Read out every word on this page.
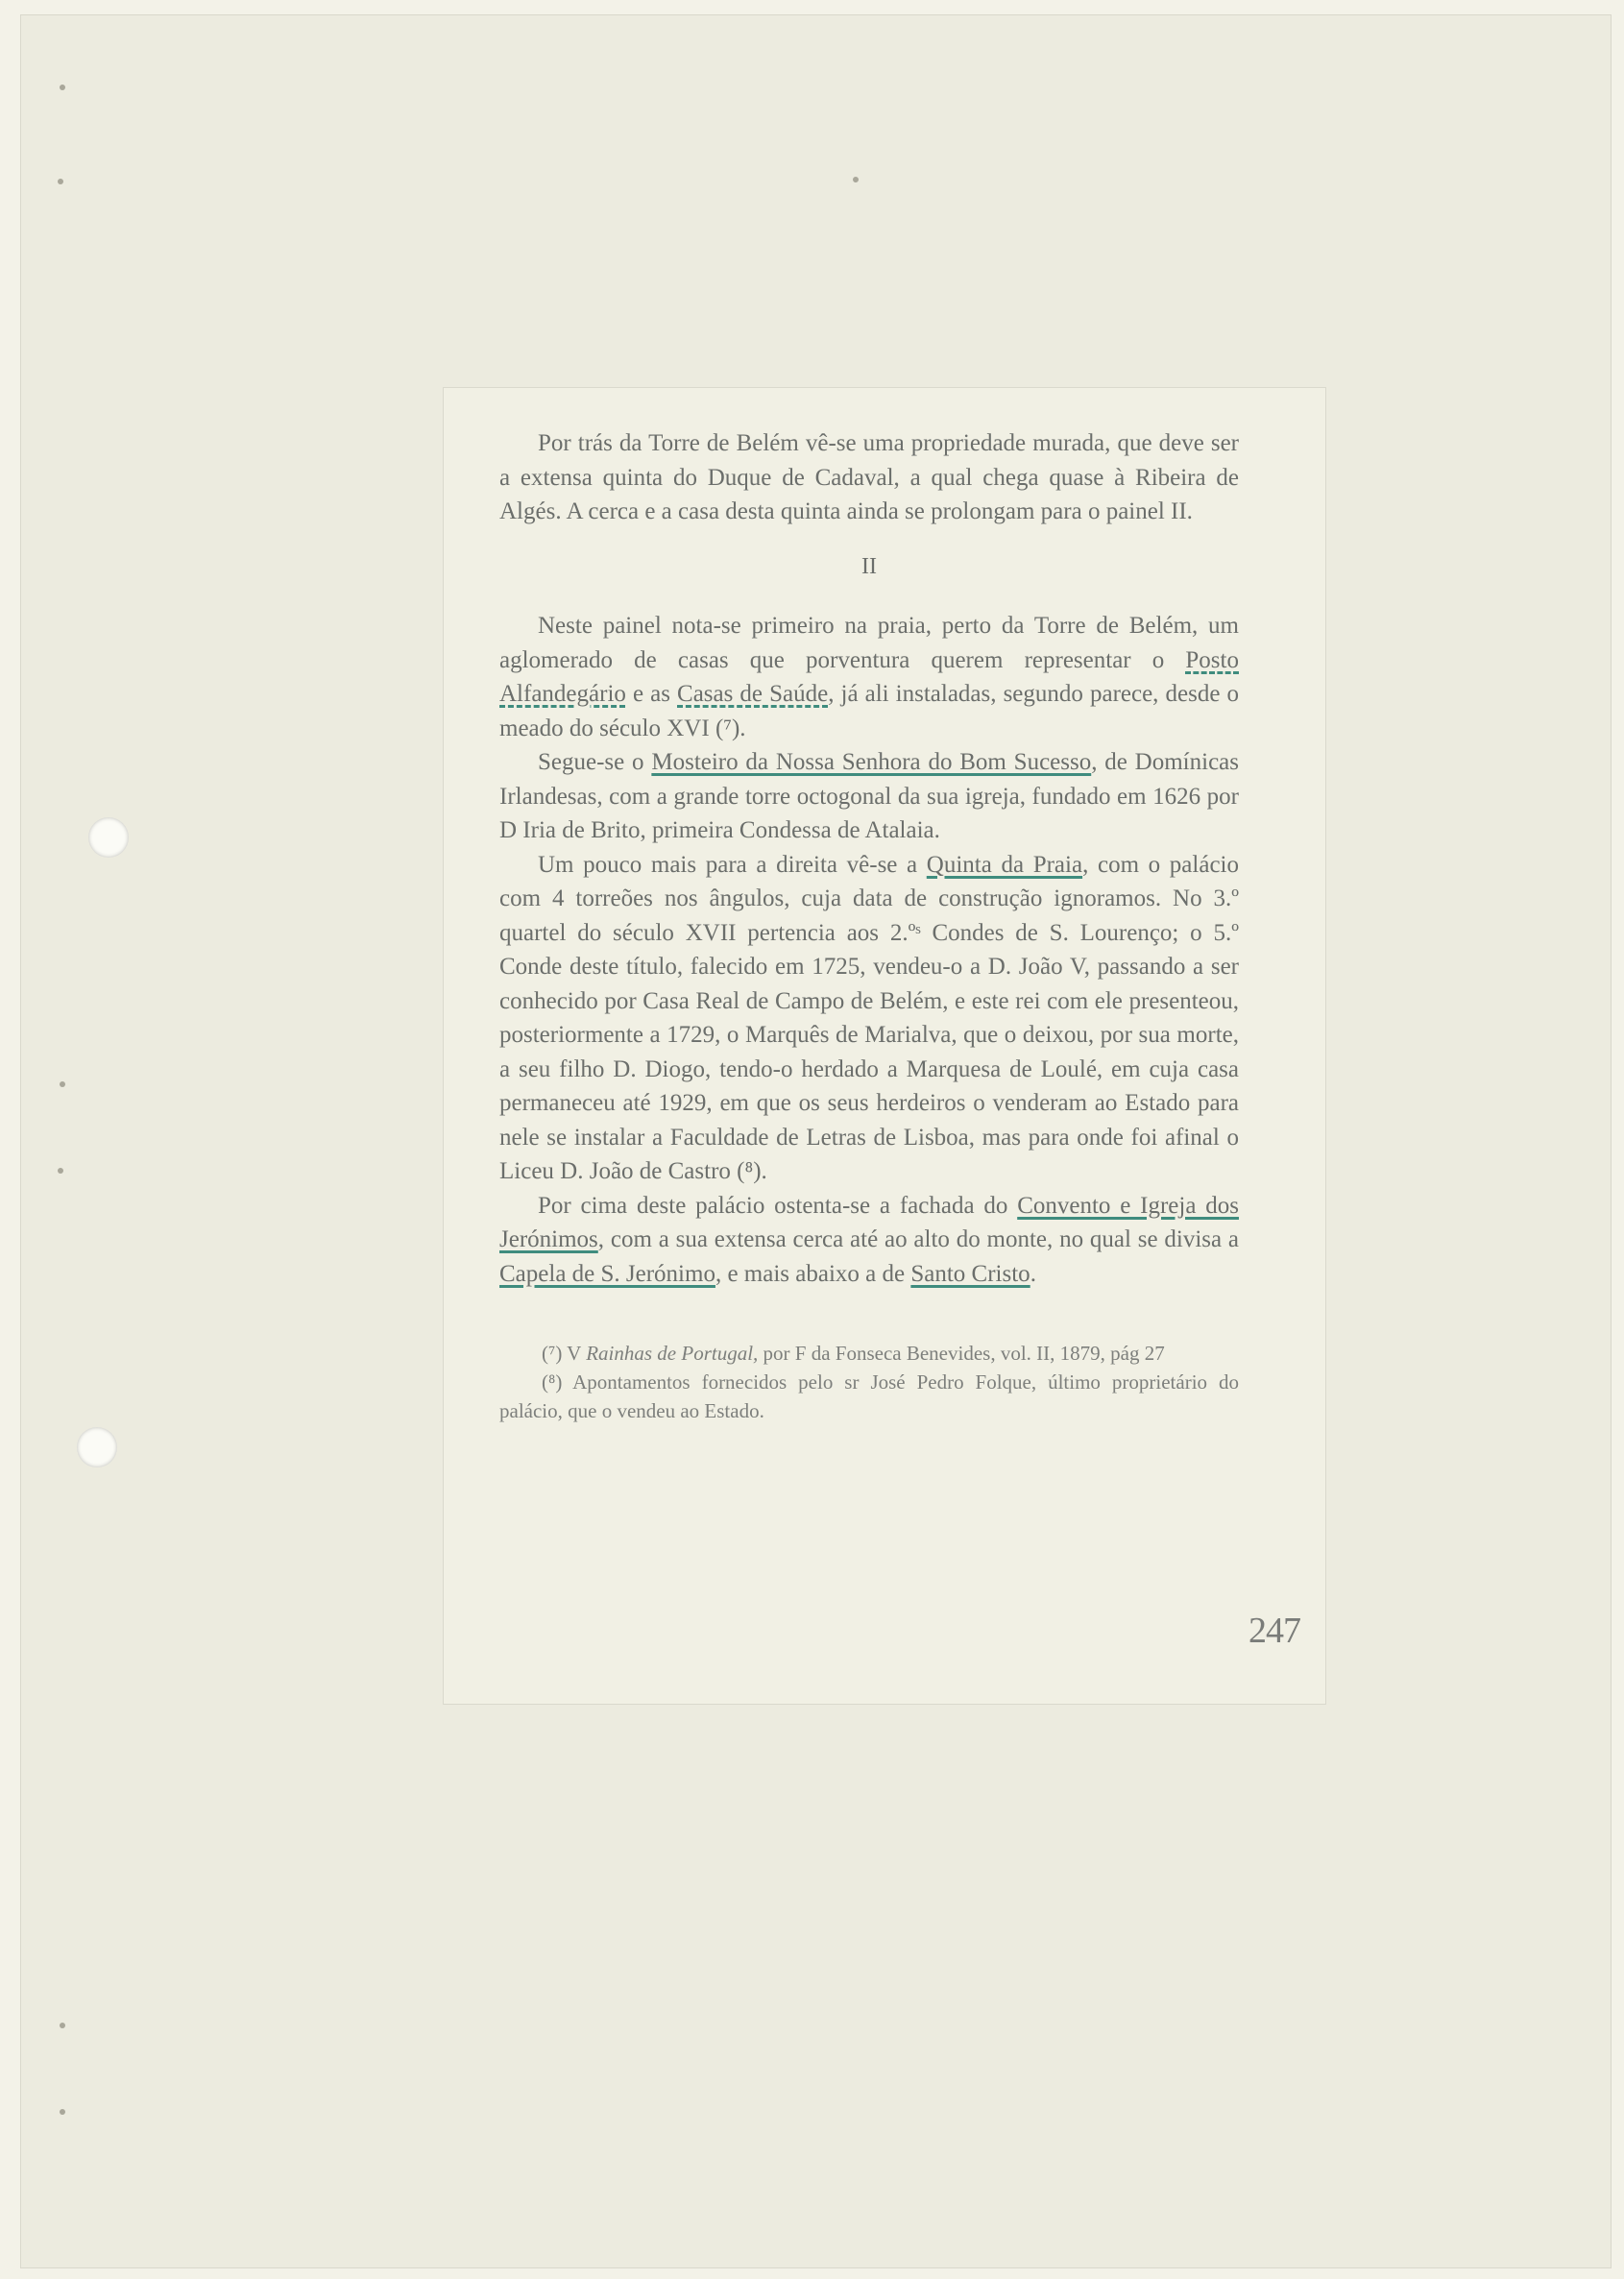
Por trás da Torre de Belém vê-se uma propriedade murada, que deve ser a extensa quinta do Duque de Cadaval, a qual chega quase à Ribeira de Algés. A cerca e a casa desta quinta ainda se prolongam para o painel II.

II

Neste painel nota-se primeiro na praia, perto da Torre de Belém, um aglomerado de casas que porventura querem representar o Posto Alfandegário e as Casas de Saúde, já ali instaladas, segundo parece, desde o meado do século XVI (⁷).

Segue-se o Mosteiro da Nossa Senhora do Bom Sucesso, de Domínicas Irlandesas, com a grande torre octogonal da sua igreja, fundado em 1626 por D Iria de Brito, primeira Condessa de Atalaia.

Um pouco mais para a direita vê-se a Quinta da Praia, com o palácio com 4 torreões nos ângulos, cuja data de construção ignoramos. No 3.º quartel do século XVII pertencia aos 2.ºˢ Condes de S. Lourenço; o 5.º Conde deste título, falecido em 1725, vendeu-o a D. João V, passando a ser conhecido por Casa Real de Campo de Belém, e este rei com ele presenteou, posteriormente a 1729, o Marquês de Marialva, que o deixou, por sua morte, a seu filho D. Diogo, tendo-o herdado a Marquesa de Loulé, em cuja casa permaneceu até 1929, em que os seus herdeiros o venderam ao Estado para nele se instalar a Faculdade de Letras de Lisboa, mas para onde foi afinal o Liceu D. João de Castro (⁸).

Por cima deste palácio ostenta-se a fachada do Convento e Igreja dos Jerónimos, com a sua extensa cerca até ao alto do monte, no qual se divisa a Capela de S. Jerónimo, e mais abaixo a de Santo Cristo.

(⁷) V Rainhas de Portugal, por F da Fonseca Benevides, vol. II, 1879, pág 27

(⁸) Apontamentos fornecidos pelo sr José Pedro Folque, último proprietário do palácio, que o vendeu ao Estado.

247
